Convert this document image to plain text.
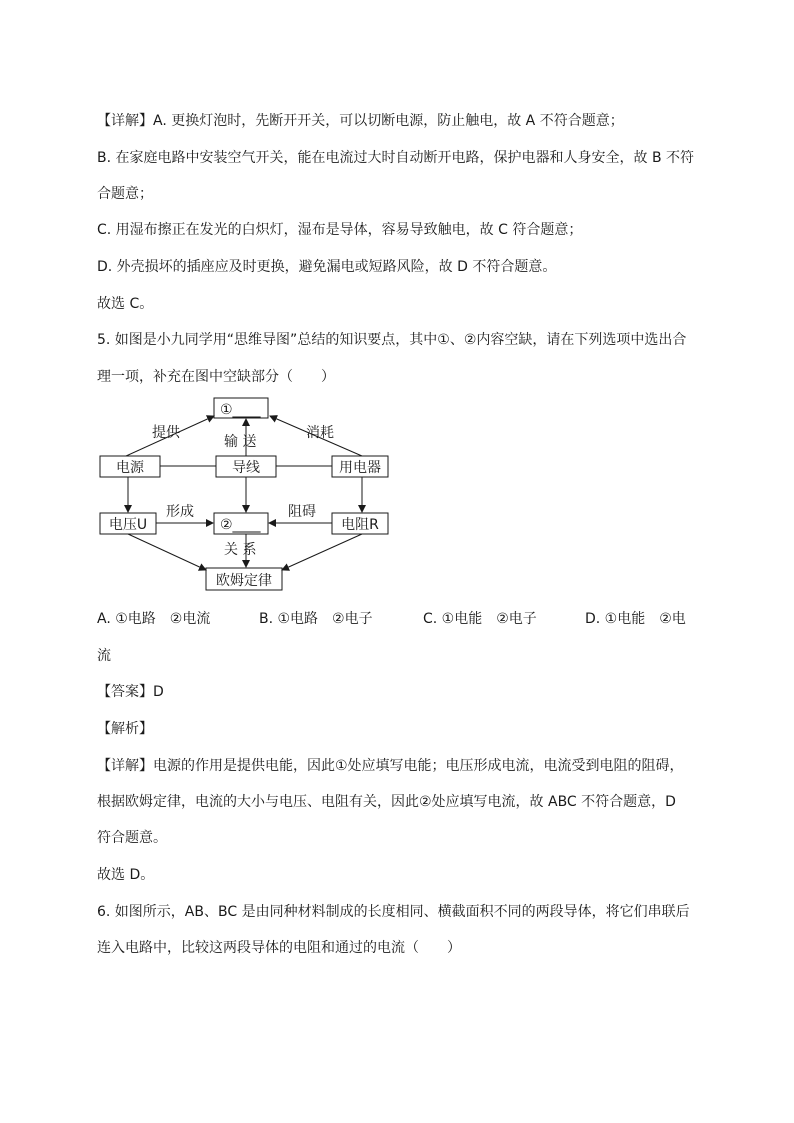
【详解】A. 更换灯泡时，先断开开关，可以切断电源，防止触电，故 A 不符合题意；
B. 在家庭电路中安装空气开关，能在电流过大时自动断开电路，保护电器和人身安全，故 B 不符
合题意；
C. 用湿布擦正在发光的白炽灯，湿布是导体，容易导致触电，故 C 符合题意；
D. 外壳损坏的插座应及时更换，避免漏电或短路风险，故 D 不符合题意。
故选 C。
5. 如图是小九同学用“思维导图”总结的知识要点，其中①、②内容空缺，请在下列选项中选出合
理一项，补充在图中空缺部分（　　）
①____
电源	导线	用电器
电压U	②____	电阻R
欧姆定律
提供
输 送
消耗
形成	阻碍
关 系
A. ①电路　②电流	B. ①电路　②电子	C. ①电能　②电子	D. ①电能　②电
流
【答案】D
【解析】
【详解】电源的作用是提供电能，因此①处应填写电能；电压形成电流，电流受到电阻的阻碍，
根据欧姆定律，电流的大小与电压、电阻有关，因此②处应填写电流，故 ABC 不符合题意，D
符合题意。
故选 D。
6. 如图所示，AB、BC 是由同种材料制成的长度相同、横截面积不同的两段导体，将它们串联后
连入电路中，比较这两段导体的电阻和通过的电流（　　）
